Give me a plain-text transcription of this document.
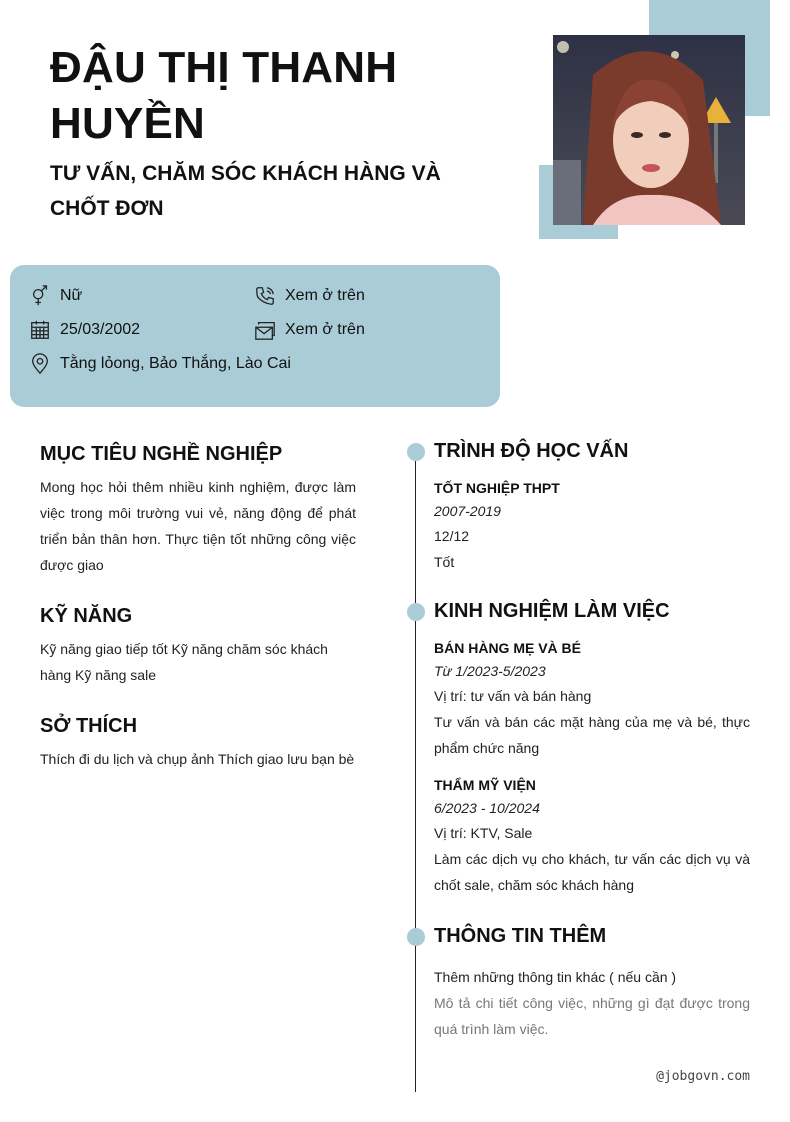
ĐẬU THỊ THANH HUYỀN
TƯ VẤN, CHĂM SÓC KHÁCH HÀNG VÀ CHỐT ĐƠN
Nữ	Xem ở trên
25/03/2002	Xem ở trên
Tằng lỏong, Bảo Thắng, Lào Cai
MỤC TIÊU NGHỀ NGHIỆP
Mong học hỏi thêm nhiều kinh nghiệm, được làm việc trong môi trường vui vẻ, năng động để phát triển bản thân hơn. Thực tiện tốt những công việc được giao
KỸ NĂNG
Kỹ năng giao tiếp tốt Kỹ năng chăm sóc khách hàng Kỹ năng sale
SỞ THÍCH
Thích đi du lịch và chụp ảnh Thích giao lưu bạn bè
TRÌNH ĐỘ HỌC VẤN
TỐT NGHIỆP THPT
2007-2019
12/12
Tốt
KINH NGHIỆM LÀM VIỆC
BÁN HÀNG MẸ VÀ BÉ
Từ 1/2023-5/2023
Vị trí: tư vấn và bán hàng
Tư vấn và bán các mặt hàng của mẹ và bé, thực phẩm chức năng
THẨM MỸ VIỆN
6/2023 - 10/2024
Vị trí: KTV, Sale
Làm các dịch vụ cho khách, tư vấn các dịch vụ và chốt sale, chăm sóc khách hàng
THÔNG TIN THÊM
Thêm những thông tin khác ( nếu cần )
Mô tả chi tiết công việc, những gì đạt được trong quá trình làm việc.
@jobgovn.com
